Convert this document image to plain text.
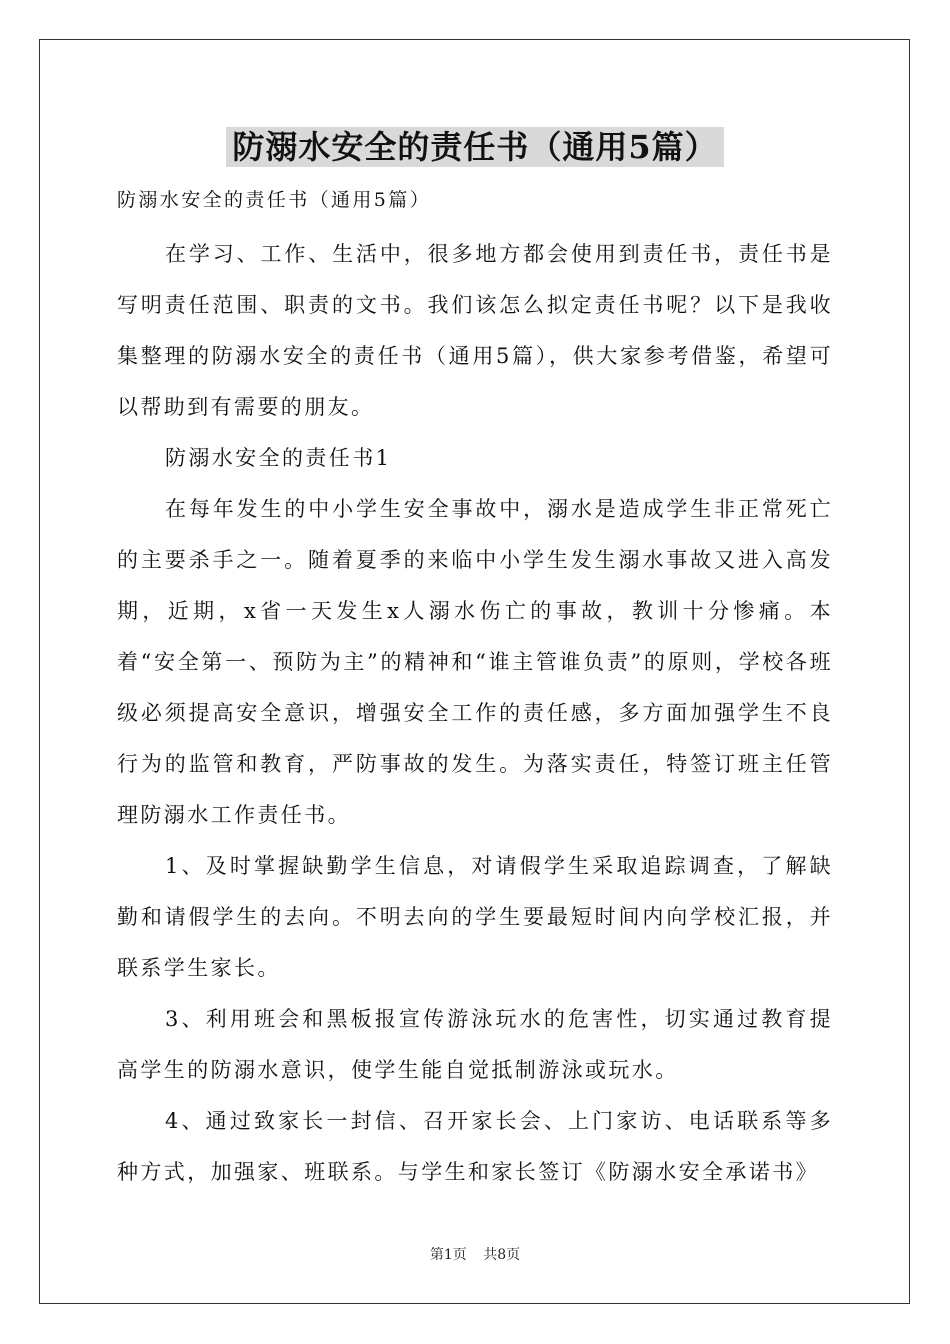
防溺水安全的责任书（通用5篇）

防溺水安全的责任书（通用5篇）

在学习、工作、生活中，很多地方都会使用到责任书，责任书是写明责任范围、职责的文书。我们该怎么拟定责任书呢？以下是我收集整理的防溺水安全的责任书（通用5篇），供大家参考借鉴，希望可以帮助到有需要的朋友。

防溺水安全的责任书1

在每年发生的中小学生安全事故中，溺水是造成学生非正常死亡的主要杀手之一。随着夏季的来临中小学生发生溺水事故又进入高发期，近期，x省一天发生x人溺水伤亡的事故，教训十分惨痛。本着“安全第一、预防为主”的精神和“谁主管谁负责”的原则，学校各班级必须提高安全意识，增强安全工作的责任感，多方面加强学生不良行为的监管和教育，严防事故的发生。为落实责任，特签订班主任管理防溺水工作责任书。

1、及时掌握缺勤学生信息，对请假学生采取追踪调查，了解缺勤和请假学生的去向。不明去向的学生要最短时间内向学校汇报，并联系学生家长。

3、利用班会和黑板报宣传游泳玩水的危害性，切实通过教育提高学生的防溺水意识，使学生能自觉抵制游泳或玩水。

4、通过致家长一封信、召开家长会、上门家访、电话联系等多种方式，加强家、班联系。与学生和家长签订《防溺水安全承诺书》

第1页 共8页
